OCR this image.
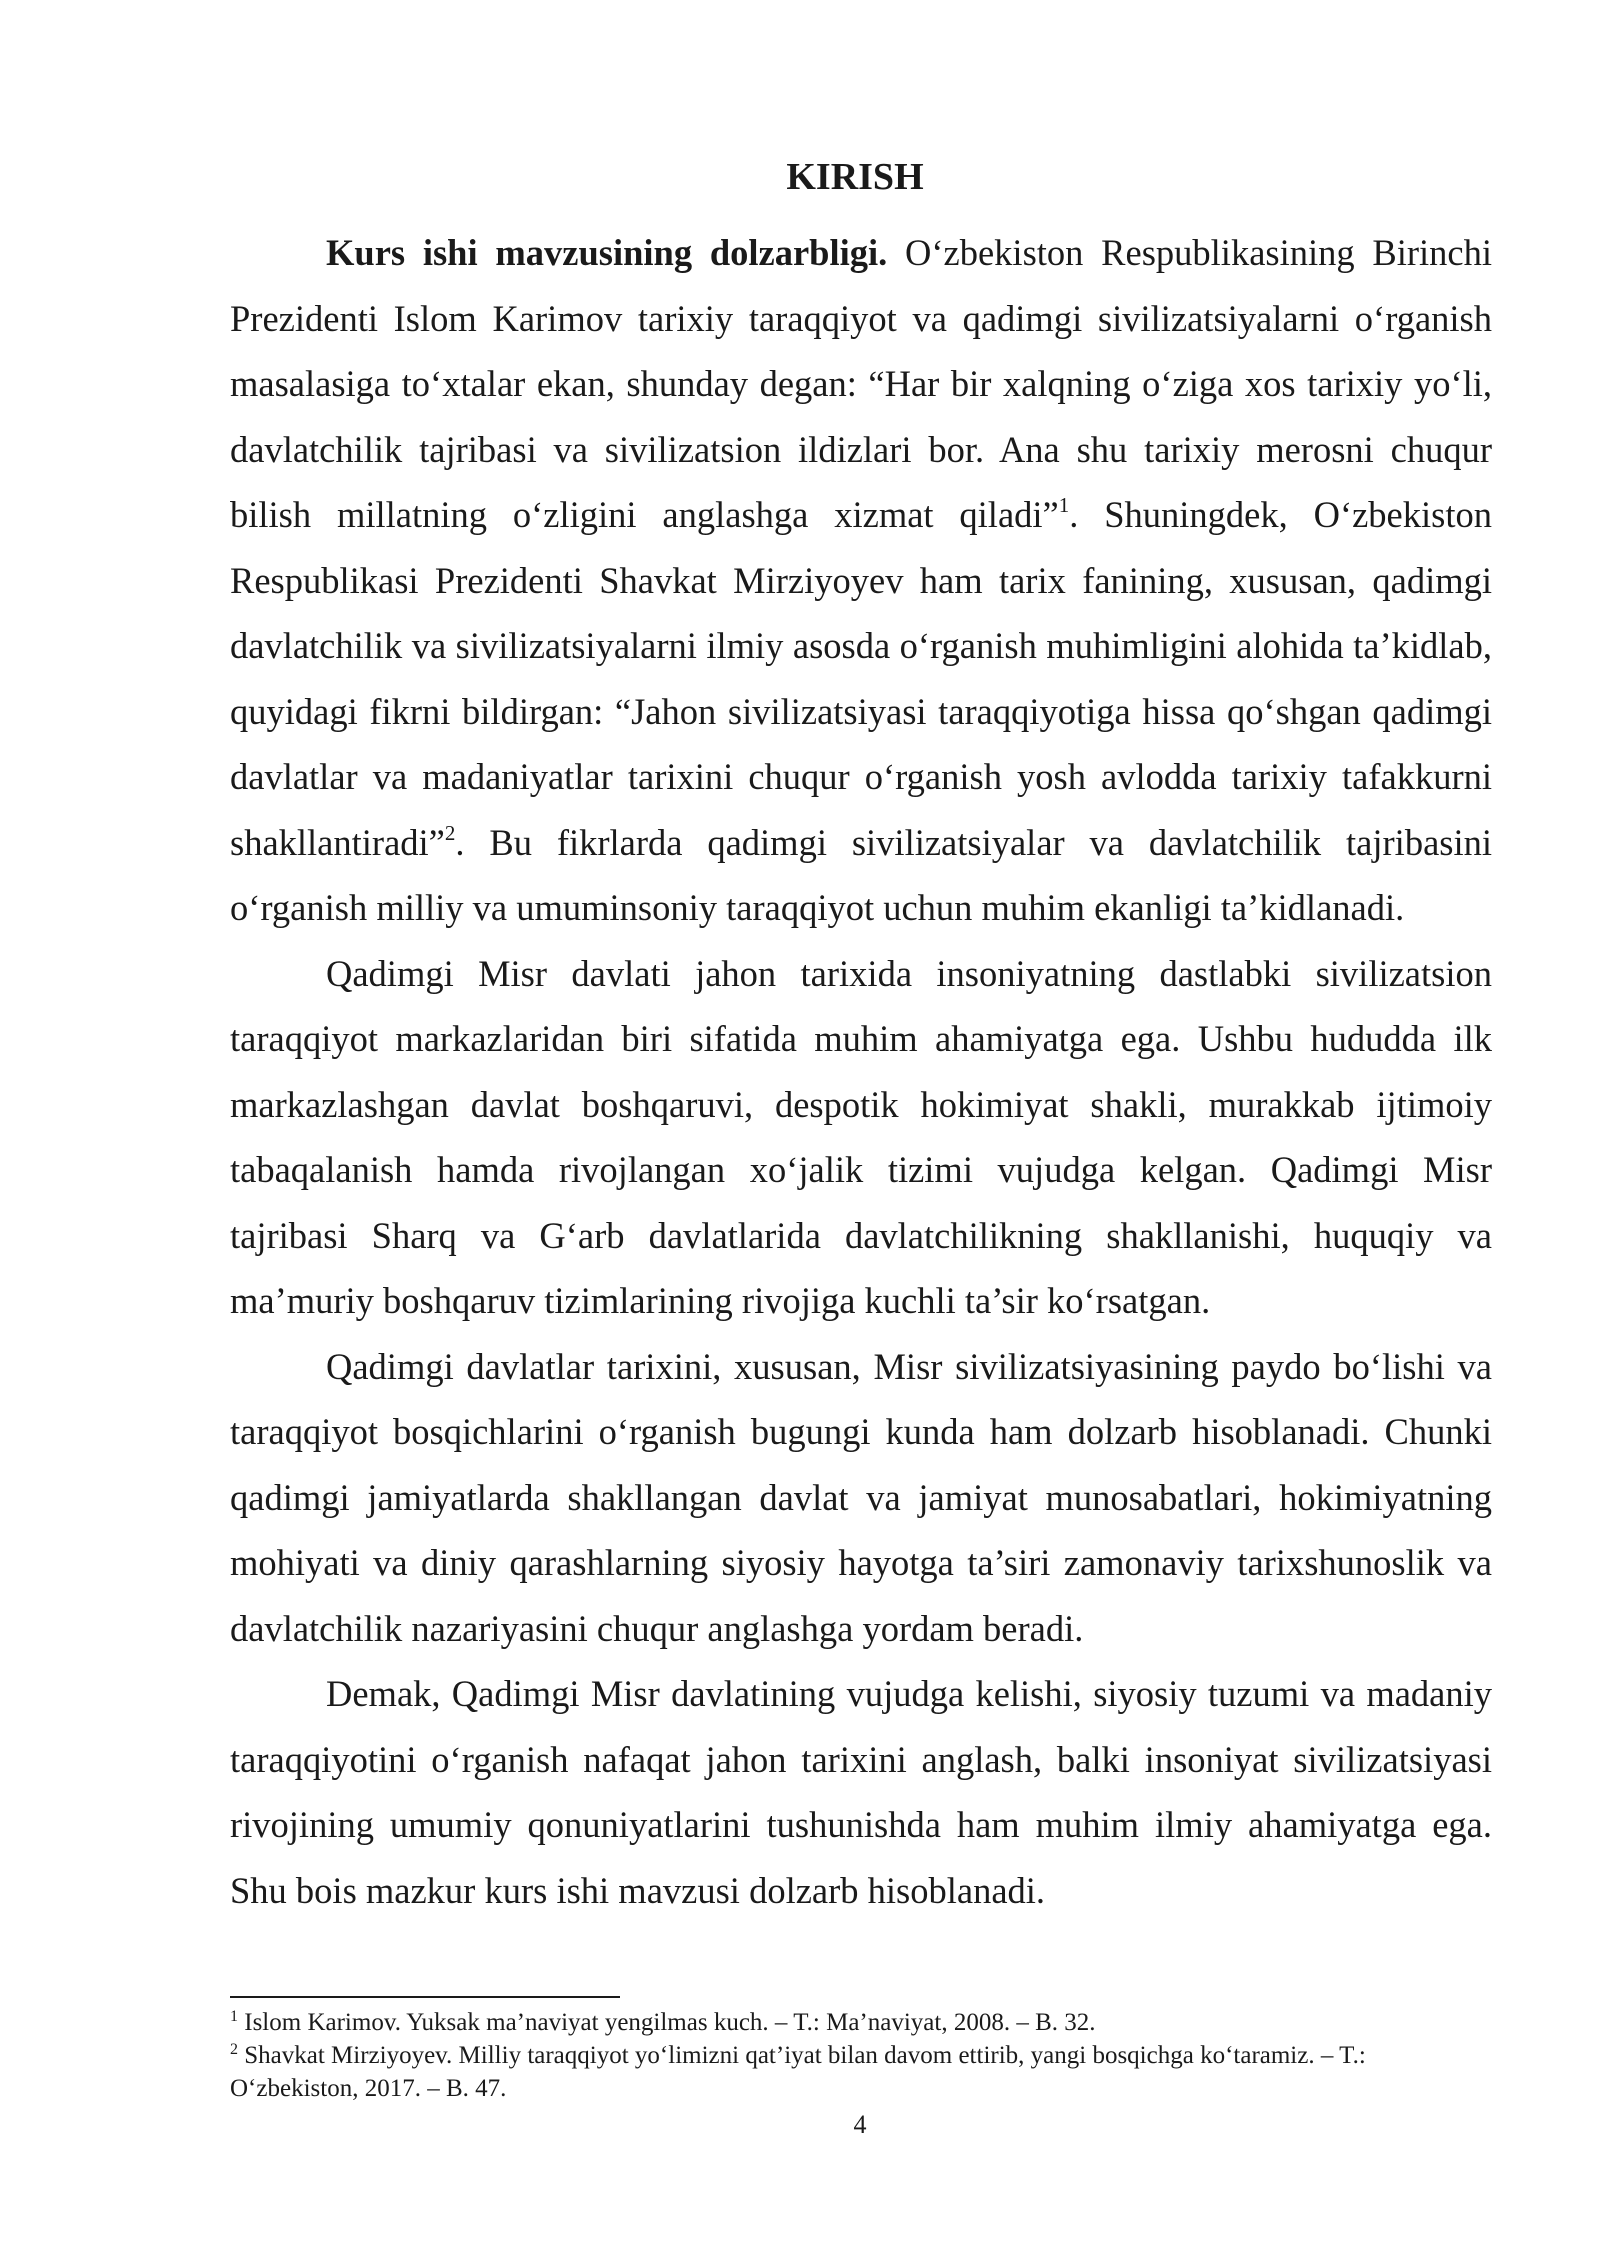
KIRISH

Kurs ishi mavzusining dolzarbligi. O‘zbekiston Respublikasining Birinchi Prezidenti Islom Karimov tarixiy taraqqiyot va qadimgi sivilizatsiyalarni o‘rganish masalasiga to‘xtalar ekan, shunday degan: “Har bir xalqning o‘ziga xos tarixiy yo‘li, davlatchilik tajribasi va sivilizatsion ildizlari bor. Ana shu tarixiy merosni chuqur bilish millatning o‘zligini anglashga xizmat qiladi”$^1$. Shuningdek, O‘zbekiston Respublikasi Prezidenti Shavkat Mirziyoyev ham tarix fanining, xususan, qadimgi davlatchilik va sivilizatsiyalarni ilmiy asosda o‘rganish muhimligini alohida ta’kidlab, quyidagi fikrni bildirgan: “Jahon sivilizatsiyasi taraqqiyotiga hissa qo‘shgan qadimgi davlatlar va madaniyatlar tarixini chuqur o‘rganish yosh avlodda tarixiy tafakkurni shakllantiradi”$^2$. Bu fikrlarda qadimgi sivilizatsiyalar va davlatchilik tajribasini o‘rganish milliy va umuminsoniy taraqqiyot uchun muhim ekanligi ta’kidlanadi.

Qadimgi Misr davlati jahon tarixida insoniyatning dastlabki sivilizatsion taraqqiyot markazlaridan biri sifatida muhim ahamiyatga ega. Ushbu hududda ilk markazlashgan davlat boshqaruvi, despotik hokimiyat shakli, murakkab ijtimoiy tabaqalanish hamda rivojlangan xo‘jalik tizimi vujudga kelgan. Qadimgi Misr tajribasi Sharq va G‘arb davlatlarida davlatchilikning shakllanishi, huquqiy va ma’muriy boshqaruv tizimlarining rivojiga kuchli ta’sir ko‘rsatgan.

Qadimgi davlatlar tarixini, xususan, Misr sivilizatsiyasining paydo bo‘lishi va taraqqiyot bosqichlarini o‘rganish bugungi kunda ham dolzarb hisoblanadi. Chunki qadimgi jamiyatlarda shakllangan davlat va jamiyat munosabatlari, hokimiyatning mohiyati va diniy qarashlarning siyosiy hayotga ta’siri zamonaviy tarixshunoslik va davlatchilik nazariyasini chuqur anglashga yordam beradi.

Demak, Qadimgi Misr davlatining vujudga kelishi, siyosiy tuzumi va madaniy taraqqiyotini o‘rganish nafaqat jahon tarixini anglash, balki insoniyat sivilizatsiyasi rivojining umumiy qonuniyatlarini tushunishda ham muhim ilmiy ahamiyatga ega. Shu bois mazkur kurs ishi mavzusi dolzarb hisoblanadi.

$^1$ Islom Karimov. Yuksak ma’naviyat yengilmas kuch. – T.: Ma’naviyat, 2008. – B. 32.

$^2$ Shavkat Mirziyoyev. Milliy taraqqiyot yo‘limizni qat’iyat bilan davom ettirib, yangi bosqichga ko‘taramiz. – T.: O‘zbekiston, 2017. – B. 47.

4
